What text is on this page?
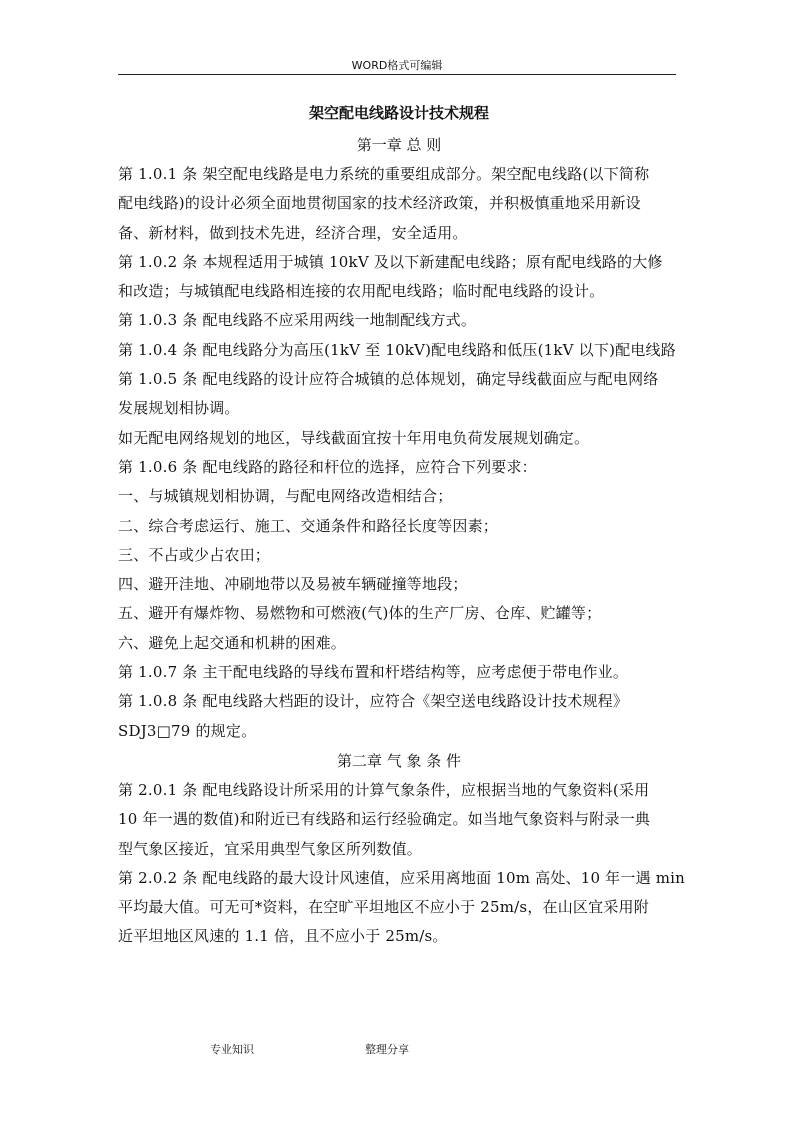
WORD格式可编辑
架空配电线路设计技术规程
第一章 总 则
第 1.0.1 条 架空配电线路是电力系统的重要组成部分。架空配电线路(以下简称
配电线路)的设计必须全面地贯彻国家的技术经济政策，并积极慎重地采用新设
备、新材料，做到技术先进，经济合理，安全适用。
第 1.0.2 条 本规程适用于城镇 10kV 及以下新建配电线路；原有配电线路的大修
和改造；与城镇配电线路相连接的农用配电线路；临时配电线路的设计。
第 1.0.3 条 配电线路不应采用两线一地制配线方式。
第 1.0.4 条 配电线路分为高压(1kV 至 10kV)配电线路和低压(1kV 以下)配电线路
第 1.0.5 条 配电线路的设计应符合城镇的总体规划，确定导线截面应与配电网络
发展规划相协调。
如无配电网络规划的地区，导线截面宜按十年用电负荷发展规划确定。
第 1.0.6 条 配电线路的路径和杆位的选择，应符合下列要求：
一、与城镇规划相协调，与配电网络改造相结合；
二、综合考虑运行、施工、交通条件和路径长度等因素；
三、不占或少占农田；
四、避开洼地、冲刷地带以及易被车辆碰撞等地段；
五、避开有爆炸物、易燃物和可燃液(气)体的生产厂房、仓库、贮罐等；
六、避免上起交通和机耕的困难。
第 1.0.7 条 主干配电线路的导线布置和杆塔结构等，应考虑便于带电作业。
第 1.0.8 条 配电线路大档距的设计，应符合《架空送电线路设计技术规程》
SDJ3□79 的规定。
第二章 气 象 条 件
第 2.0.1 条 配电线路设计所采用的计算气象条件，应根据当地的气象资料(采用
10 年一遇的数值)和附近已有线路和运行经验确定。如当地气象资料与附录一典
型气象区接近，宜采用典型气象区所列数值。
第 2.0.2 条 配电线路的最大设计风速值，应采用离地面 10m 高处、10 年一遇 min
平均最大值。可无可*资料，在空旷平坦地区不应小于 25m/s，在山区宜采用附
近平坦地区风速的 1.1 倍，且不应小于 25m/s。
专业知识	整理分享
